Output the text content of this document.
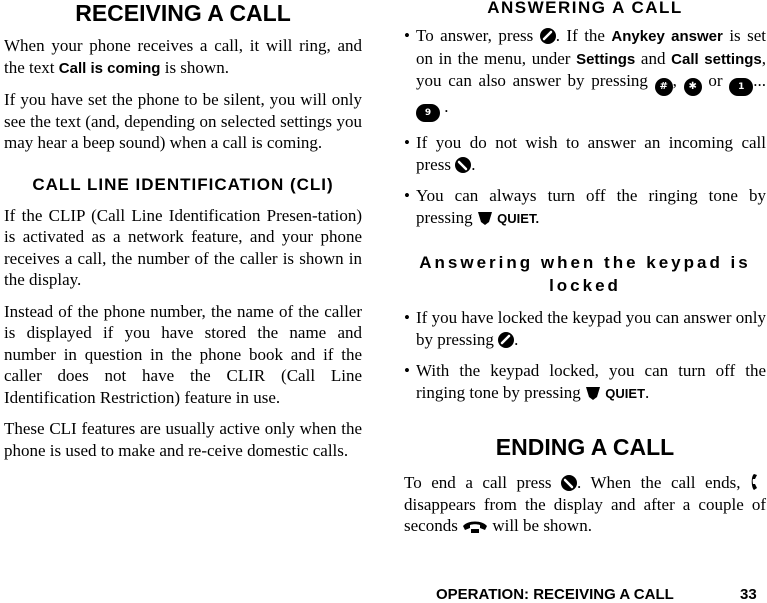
RECEIVING A CALL

When your phone receives a call, it will ring, and the text Call is coming is shown.

If you have set the phone to be silent, you will only see the text (and, depending on selected settings you may hear a beep sound) when a call is coming.

CALL LINE IDENTIFICATION (CLI)

If the CLIP (Call Line Identification Presen-tation) is activated as a network feature, and your phone receives a call, the number of the caller is shown in the display.

Instead of the phone number, the name of the caller is displayed if you have stored the name and number in question in the phone book and if the caller does not have the CLIR (Call Line Identification Restriction) feature in use.

These CLI features are usually active only when the phone is used to make and re-ceive domestic calls.

ANSWERING A CALL

• To answer, press . If the Anykey answer is set on in the menu, under Settings and Call settings, you can also answer by pressing # , ✱ or 1 ...9 .

• If you do not wish to answer an incoming call press .

• You can always turn off the ringing tone by pressing  QUIET.

Answering when the keypad is locked

• If you have locked the keypad you can answer only by pressing .

• With the keypad locked, you can turn off the ringing tone by pressing  QUIET.

ENDING A CALL

To end a call press . When the call ends,  disappears from the display and after a couple of seconds  will be shown.

OPERATION: RECEIVING A CALL	33
